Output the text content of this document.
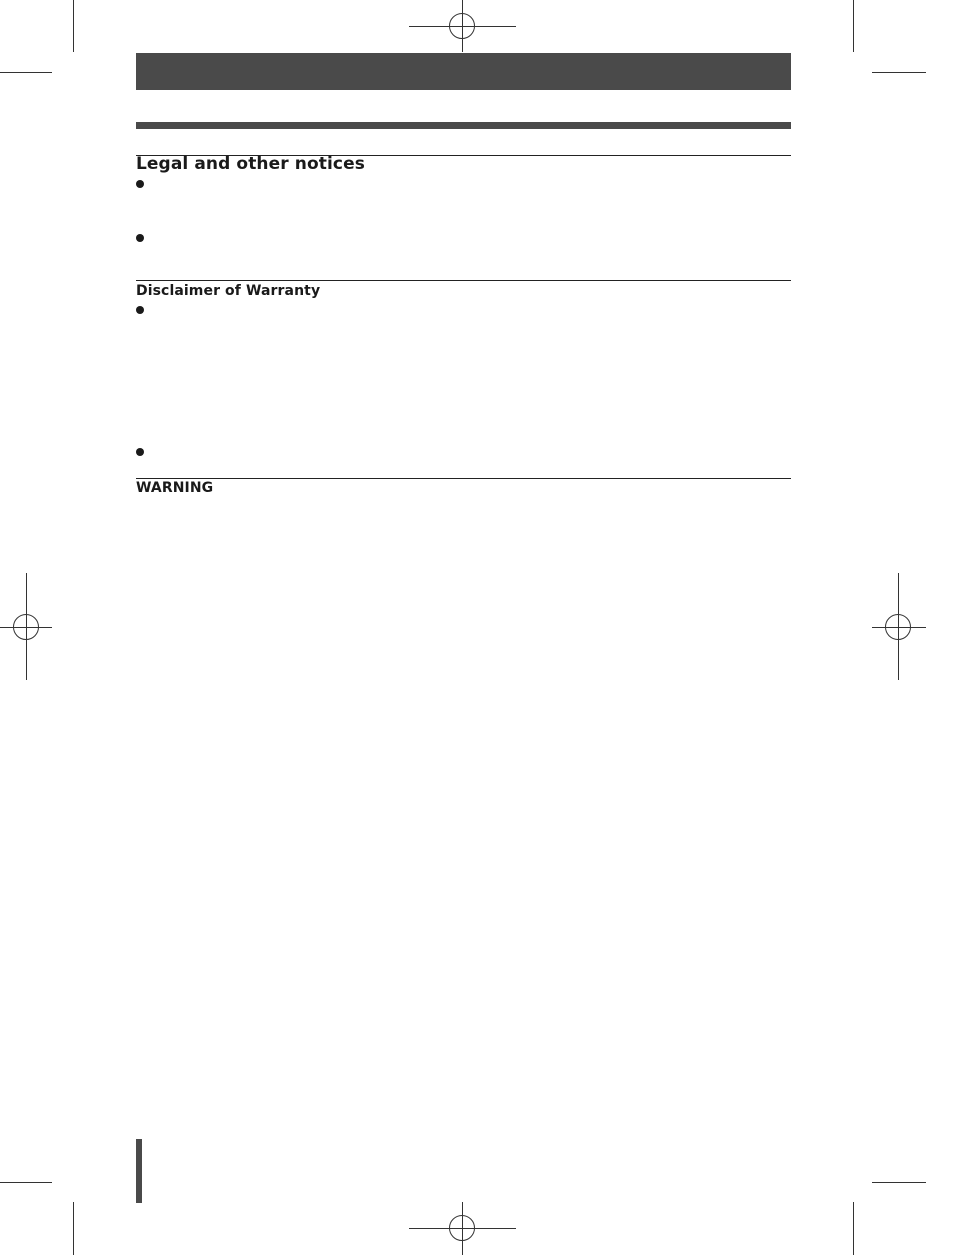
Legal and other notices
Disclaimer of Warranty
WARNING
